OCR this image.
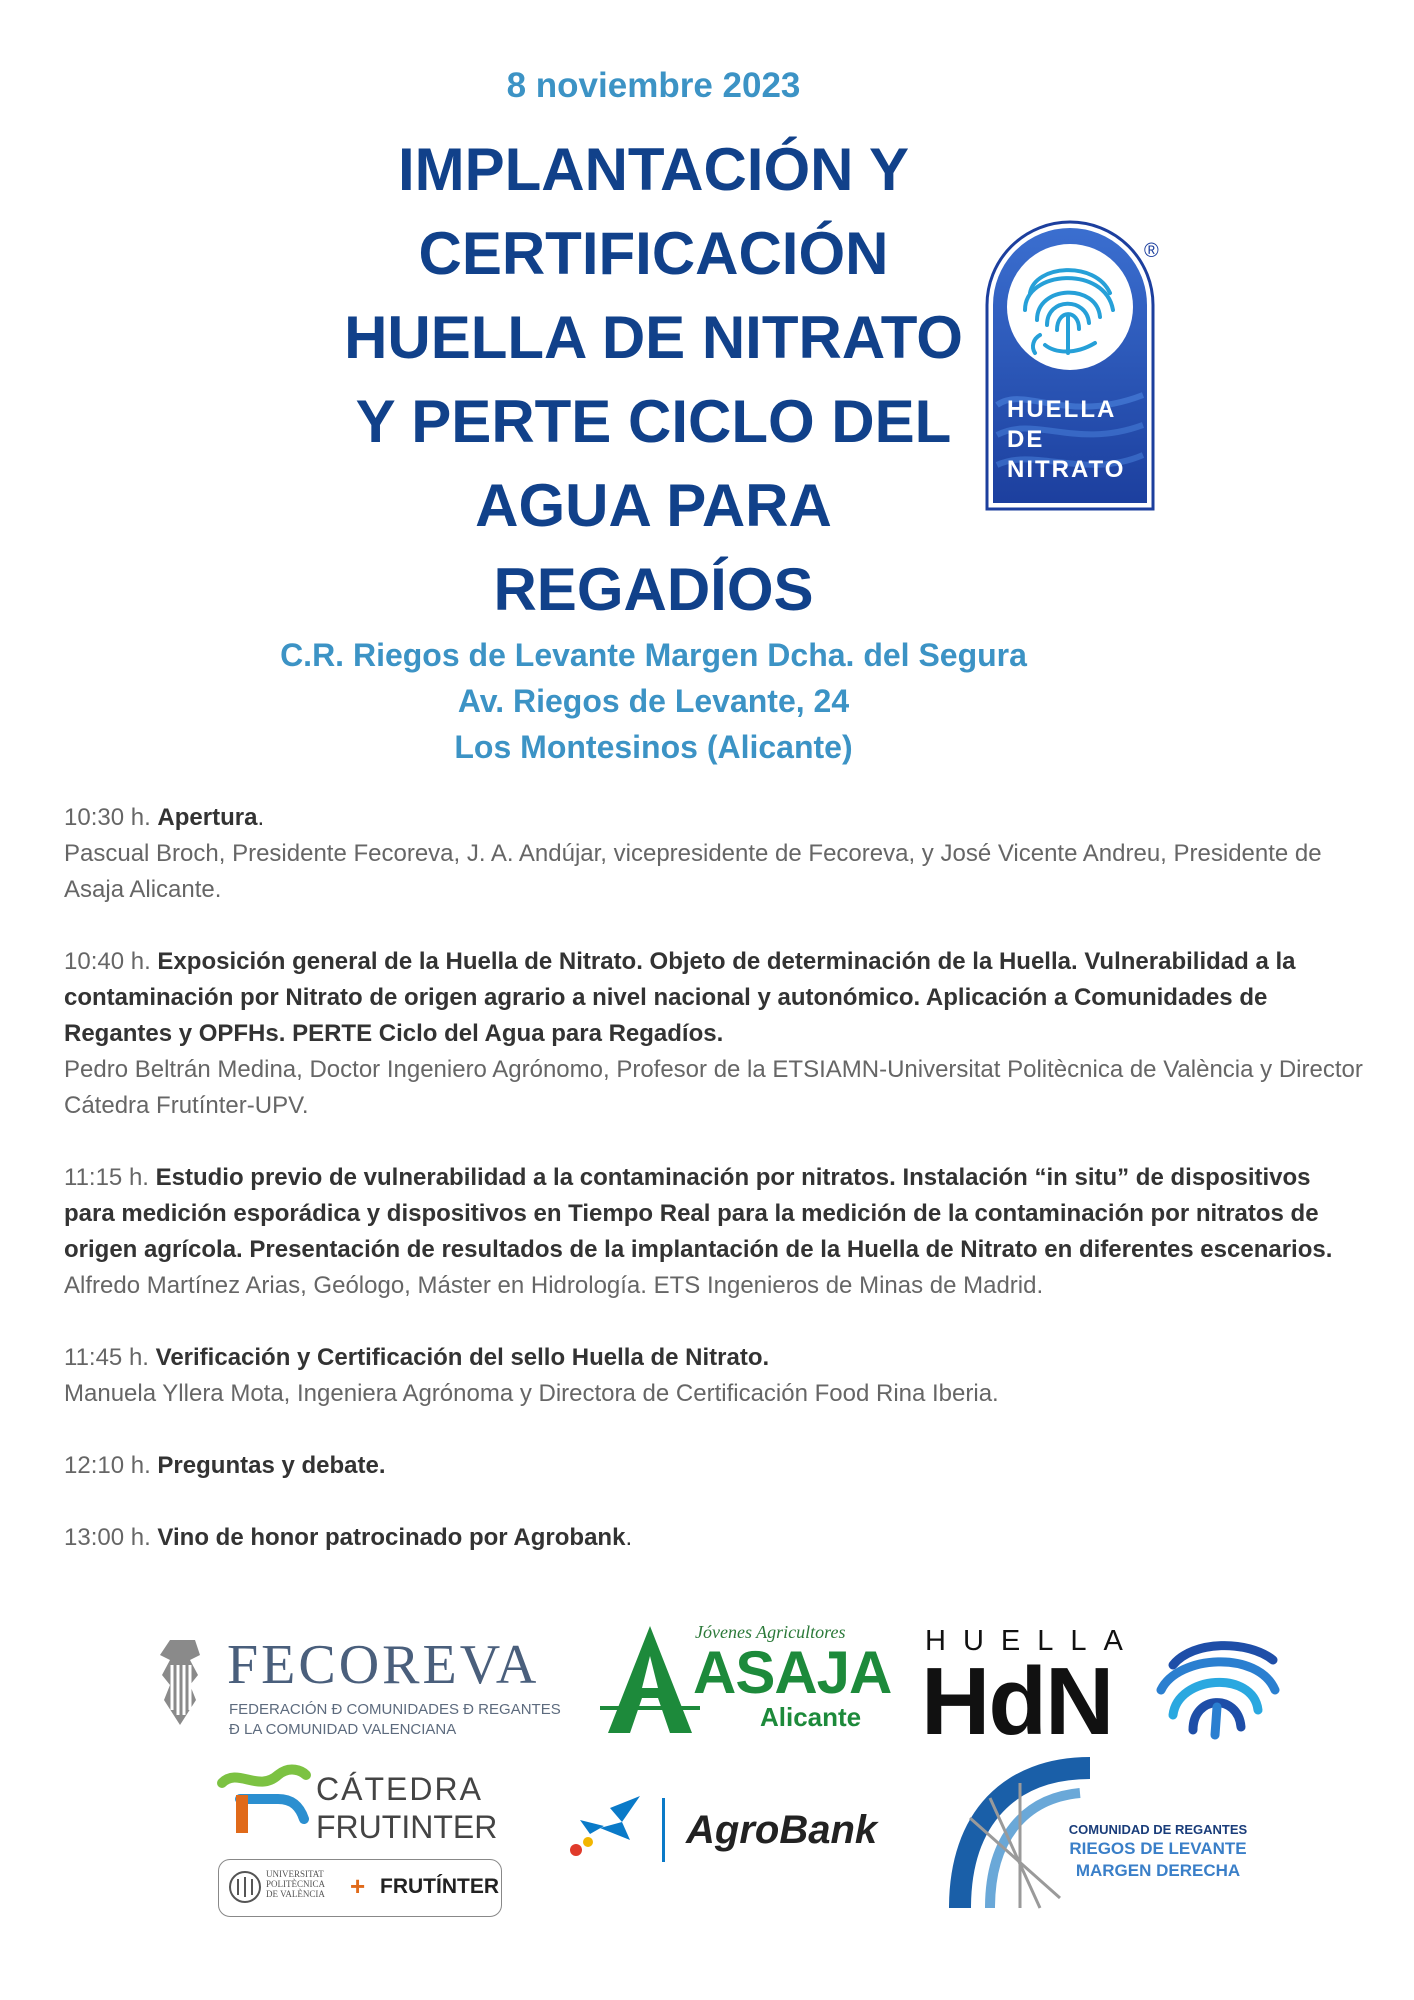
8 noviembre 2023
IMPLANTACIÓN Y
CERTIFICACIÓN
HUELLA DE NITRATO
Y PERTE CICLO DEL
AGUA PARA
REGADÍOS
®
HUELLA
DE
NITRATO
C.R. Riegos de Levante Margen Dcha. del Segura
Av. Riegos de Levante, 24
Los Montesinos (Alicante)
10:30 h. Apertura.
Pascual Broch, Presidente Fecoreva, J. A. Andújar, vicepresidente de Fecoreva, y José Vicente Andreu, Presidente de Asaja Alicante.
10:40 h. Exposición general de la Huella de Nitrato. Objeto de determinación de la Huella. Vulnerabilidad a la contaminación por Nitrato de origen agrario a nivel nacional y autonómico. Aplicación a Comunidades de Regantes y OPFHs. PERTE Ciclo del Agua para Regadíos.
Pedro Beltrán Medina, Doctor Ingeniero Agrónomo, Profesor de la ETSIAMN-Universitat Politècnica de València y Director Cátedra Frutínter-UPV.
11:15 h. Estudio previo de vulnerabilidad a la contaminación por nitratos. Instalación “in situ” de dispositivos para medición esporádica y dispositivos en Tiempo Real para la medición de la contaminación por nitratos de origen agrícola. Presentación de resultados de la implantación de la Huella de Nitrato en diferentes escenarios.
Alfredo Martínez Arias, Geólogo, Máster en Hidrología. ETS Ingenieros de Minas de Madrid.
11:45 h. Verificación y Certificación del sello Huella de Nitrato.
Manuela Yllera Mota, Ingeniera Agrónoma y Directora de Certificación Food Rina Iberia.
12:10 h. Preguntas y debate.
13:00 h. Vino de honor patrocinado por Agrobank.
FECOREVA
FEDERACIÓN Ð COMUNIDADES Ð REGANTES
Ð LA COMUNIDAD VALENCIANA
Jóvenes Agricultores
ASAJA
Alicante
HUELLA
HdN
CÁTEDRA
FRUTINTER
UNIVERSITAT
POLITÈCNICA
DE VALÈNCIA + FRUTÍNTER
AgroBank	COMUNIDAD DE REGANTES
RIEGOS DE LEVANTE
MARGEN DERECHA
